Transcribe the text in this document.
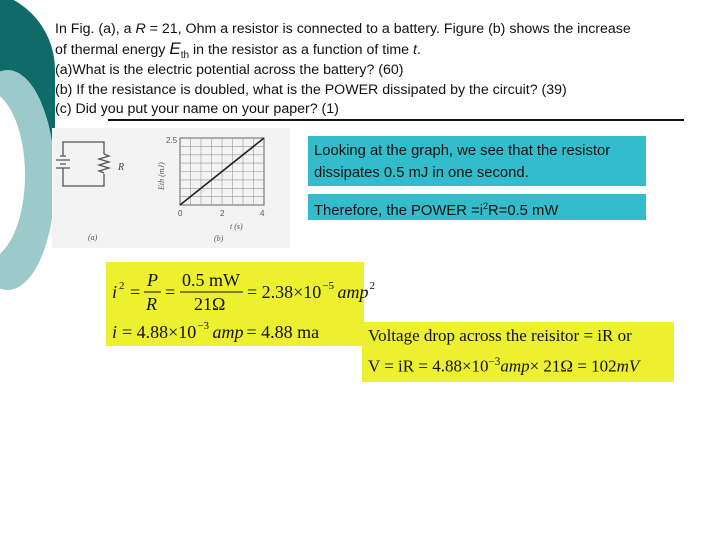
In Fig. (a), a R = 21, Ohm a resistor is connected to a battery. Figure (b) shows the increase
of thermal energy $E_{th}$ in the resistor as a function of time t.
(a)What is the electric potential across the battery? (60)
(b) If the resistance is doubled, what is the POWER dissipated by the circuit? (39)
(c) Did you put your name on your paper? (1)
R
(a)
2.5
Eth (mJ)
0	2	4
t (s)
(b)
Looking at the graph, we see that the resistor dissipates 0.5 mJ in one second.
Therefore, the POWER $=i^2R=0.5$ mW
i 2 =
P
R
=
0.5 mW
21Ω
= 2.38×10 −5 amp
i = 4.88×10 −3 amp = 4.88 ma
2
Voltage drop across the reisitor = iR or
V = iR = $4.88\times 10^{-3}amp\times 21\Omega = 102mV$
